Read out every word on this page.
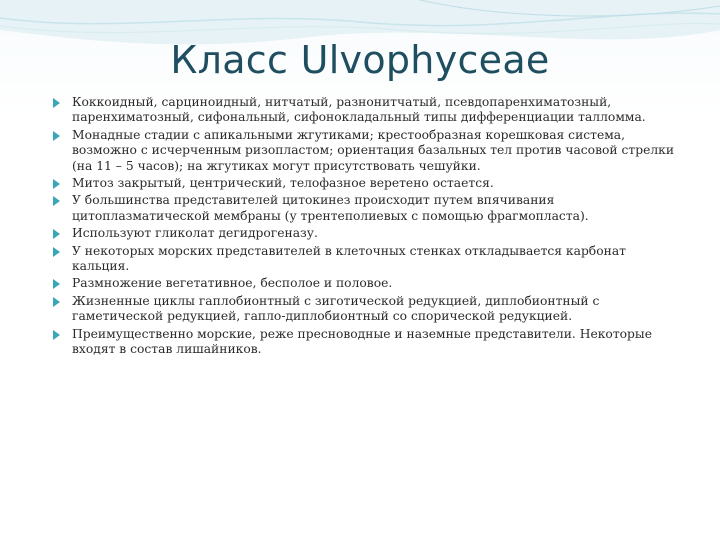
Класс Ulvophyceae
Коккоидный, сарциноидный, нитчатый, разнонитчатый, псевдопаренхиматозный, паренхиматозный, сифональный, сифонокладальный типы дифференциации талломма.
Монадные стадии с апикальными жгутиками; крестообразная корешковая система, возможно с исчерченным ризопластом; ориентация базальных тел против часовой стрелки (на 11 – 5 часов); на жгутиках могут присутствовать чешуйки.
Митоз закрытый, центрический, телофазное веретено остается.
У большинства представителей цитокинез происходит путем впячивания цитоплазматической мембраны (у трентеполиевых с помощью фрагмопласта).
Используют гликолат дегидрогеназу.
У некоторых морских представителей в клеточных стенках откладывается карбонат кальция.
Размножение вегетативное, бесполое и половое.
Жизненные циклы гаплобионтный с зиготической редукцией, диплобионтный с гаметической редукцией, гапло-диплобионтный со спорической редукцией.
Преимущественно морские, реже пресноводные и наземные представители. Некоторые входят в состав лишайников.
